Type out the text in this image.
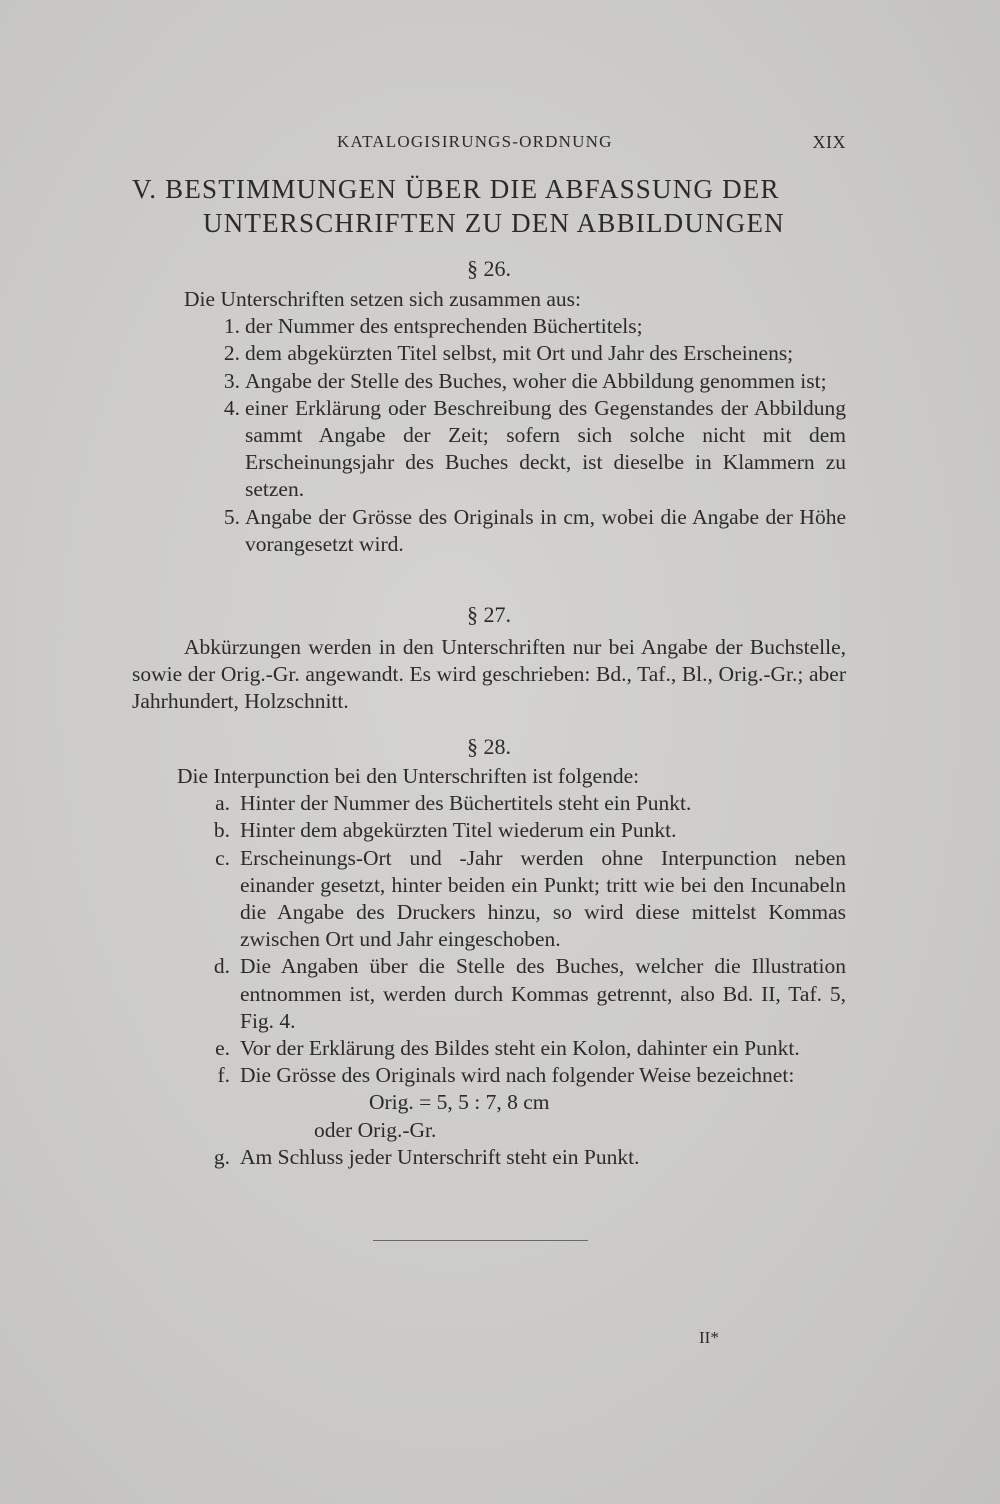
KATALOGISIRUNGS-ORDNUNG	XIX
V. BESTIMMUNGEN ÜBER DIE ABFASSUNG DER
UNTERSCHRIFTEN ZU DEN ABBILDUNGEN
§ 26.
Die Unterschriften setzen sich zusammen aus:
1. der Nummer des entsprechenden Büchertitels;
2. dem abgekürzten Titel selbst, mit Ort und Jahr des Erscheinens;
3. Angabe der Stelle des Buches, woher die Abbildung genommen ist;
4. einer Erklärung oder Beschreibung des Gegenstandes der Abbildung sammt Angabe der Zeit; sofern sich solche nicht mit dem Erscheinungsjahr des Buches deckt, ist dieselbe in Klammern zu setzen.
5. Angabe der Grösse des Originals in cm, wobei die Angabe der Höhe vorangesetzt wird.
§ 27.
Abkürzungen werden in den Unterschriften nur bei Angabe der Buchstelle, sowie der Orig.-Gr. angewandt. Es wird geschrieben: Bd., Taf., Bl., Orig.-Gr.; aber Jahrhundert, Holzschnitt.
§ 28.
Die Interpunction bei den Unterschriften ist folgende:
a. Hinter der Nummer des Büchertitels steht ein Punkt.
b. Hinter dem abgekürzten Titel wiederum ein Punkt.
c. Erscheinungs-Ort und -Jahr werden ohne Interpunction neben einander gesetzt, hinter beiden ein Punkt; tritt wie bei den Incunabeln die Angabe des Druckers hinzu, so wird diese mittelst Kommas zwischen Ort und Jahr eingeschoben.
d. Die Angaben über die Stelle des Buches, welcher die Illustration entnommen ist, werden durch Kommas getrennt, also Bd. II, Taf. 5, Fig. 4.
e. Vor der Erklärung des Bildes steht ein Kolon, dahinter ein Punkt.
f. Die Grösse des Originals wird nach folgender Weise bezeichnet:
Orig. = 5, 5 : 7, 8 cm
oder Orig.-Gr.
g. Am Schluss jeder Unterschrift steht ein Punkt.
II*
